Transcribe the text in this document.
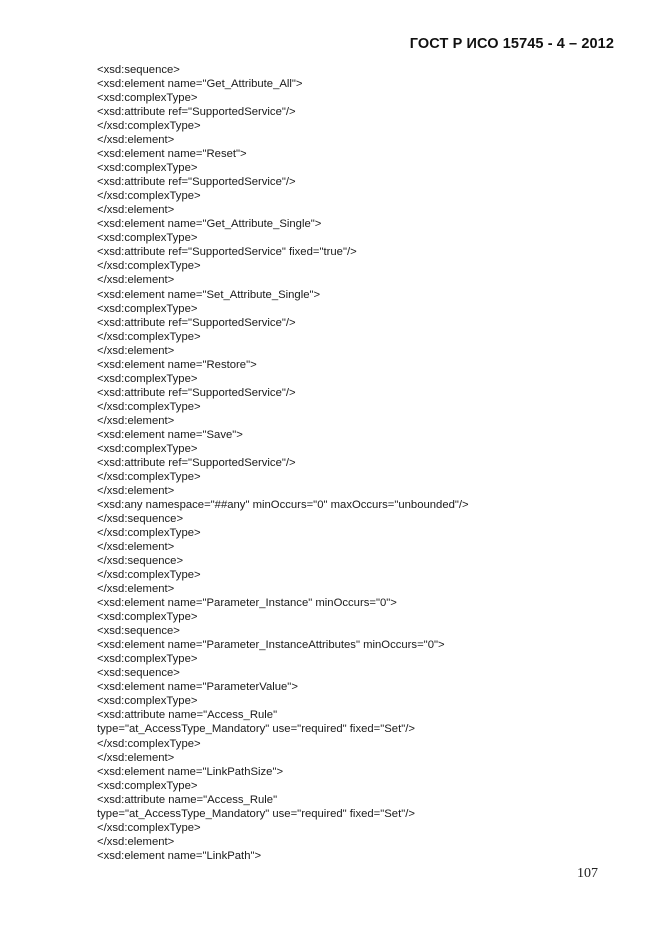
ГОСТ Р ИСО 15745 - 4 – 2012
<xsd:sequence>
<xsd:element name="Get_Attribute_All">
<xsd:complexType>
<xsd:attribute ref="SupportedService"/>
</xsd:complexType>
</xsd:element>
<xsd:element name="Reset">
<xsd:complexType>
<xsd:attribute ref="SupportedService"/>
</xsd:complexType>
</xsd:element>
<xsd:element name="Get_Attribute_Single">
<xsd:complexType>
<xsd:attribute ref="SupportedService" fixed="true"/>
</xsd:complexType>
</xsd:element>
<xsd:element name="Set_Attribute_Single">
<xsd:complexType>
<xsd:attribute ref="SupportedService"/>
</xsd:complexType>
</xsd:element>
<xsd:element name="Restore">
<xsd:complexType>
<xsd:attribute ref="SupportedService"/>
</xsd:complexType>
</xsd:element>
<xsd:element name="Save">
<xsd:complexType>
<xsd:attribute ref="SupportedService"/>
</xsd:complexType>
</xsd:element>
<xsd:any namespace="##any" minOccurs="0" maxOccurs="unbounded"/>
</xsd:sequence>
</xsd:complexType>
</xsd:element>
</xsd:sequence>
</xsd:complexType>
</xsd:element>
<xsd:element name="Parameter_Instance" minOccurs="0">
<xsd:complexType>
<xsd:sequence>
<xsd:element name="Parameter_InstanceAttributes" minOccurs="0">
<xsd:complexType>
<xsd:sequence>
<xsd:element name="ParameterValue">
<xsd:complexType>
<xsd:attribute name="Access_Rule"
type="at_AccessType_Mandatory" use="required" fixed="Set"/>
</xsd:complexType>
</xsd:element>
<xsd:element name="LinkPathSize">
<xsd:complexType>
<xsd:attribute name="Access_Rule"
type="at_AccessType_Mandatory" use="required" fixed="Set"/>
</xsd:complexType>
</xsd:element>
<xsd:element name="LinkPath">
107
